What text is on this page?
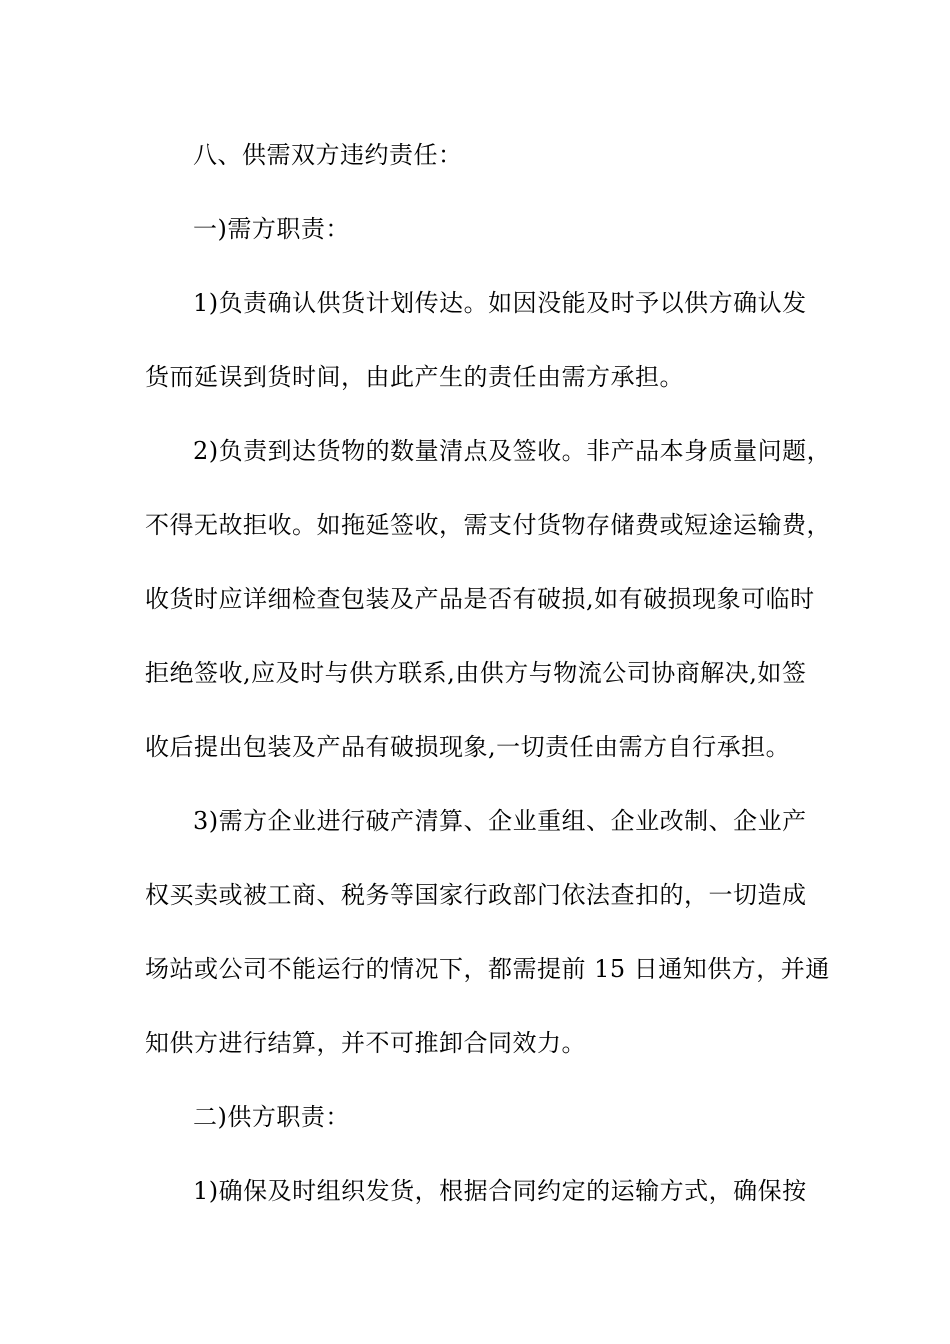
八、供需双方违约责任：
一)需方职责：
1)负责确认供货计划传达。如因没能及时予以供方确认发
货而延误到货时间，由此产生的责任由需方承担。
2)负责到达货物的数量清点及签收。非产品本身质量问题，
不得无故拒收。如拖延签收，需支付货物存储费或短途运输费，
收货时应详细检查包装及产品是否有破损,如有破损现象可临时
拒绝签收,应及时与供方联系,由供方与物流公司协商解决,如签
收后提出包装及产品有破损现象,一切责任由需方自行承担。
3)需方企业进行破产清算、企业重组、企业改制、企业产
权买卖或被工商、税务等国家行政部门依法查扣的，一切造成
场站或公司不能运行的情况下，都需提前 15 日通知供方，并通
知供方进行结算，并不可推卸合同效力。
二)供方职责：
1)确保及时组织发货，根据合同约定的运输方式，确保按
